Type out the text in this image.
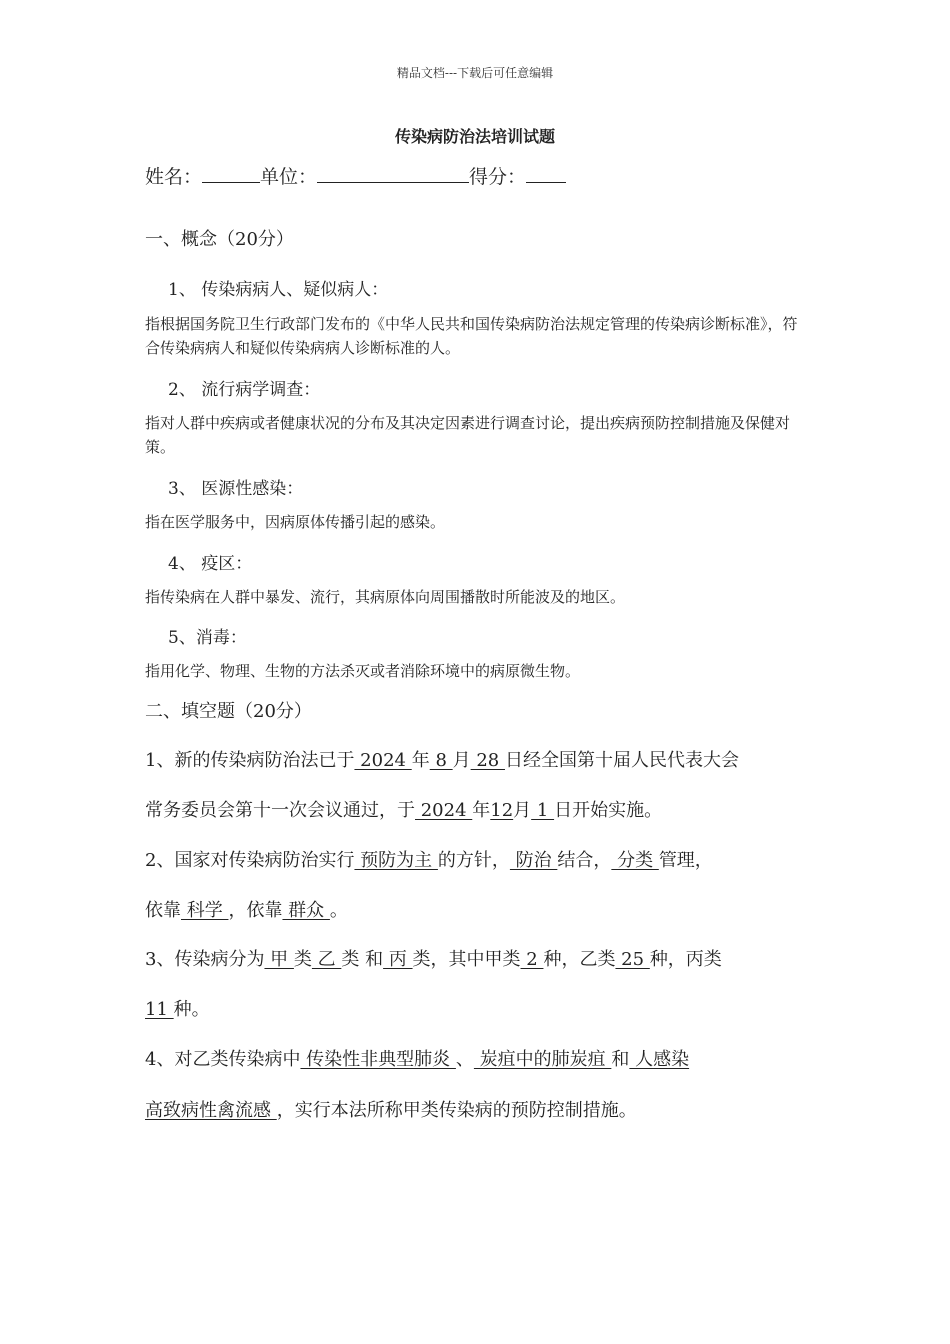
精品文档---下载后可任意编辑
传染病防治法培训试题
姓名：	单位：	得分：
一、概念（20分）
1、 传染病病人、疑似病人：
指根据国务院卫生行政部门发布的《中华人民共和国传染病防治法规定管理的传染病诊断标准》，符合传染病病人和疑似传染病病人诊断标准的人。
2、 流行病学调查：
指对人群中疾病或者健康状况的分布及其决定因素进行调查讨论，提出疾病预防控制措施及保健对策。
3、 医源性感染：
指在医学服务中，因病原体传播引起的感染。
4、 疫区：
指传染病在人群中暴发、流行，其病原体向周围播散时所能波及的地区。
5、消毒：
指用化学、物理、生物的方法杀灭或者消除环境中的病原微生物。
二、填空题（20分）
1、新的传染病防治法已于 2024 年 8 月 28 日经全国第十届人民代表大会
常务委员会第十一次会议通过，于 2024 年12月 1 日开始实施。
2、国家对传染病防治实行 预防为主 的方针， 防治 结合， 分类 管理，
依靠 科学 ，依靠 群众 。
3、传染病分为 甲 类 乙 类 和 丙 类，其中甲类 2 种，乙类 25 种，丙类
11 种。
4、对乙类传染病中 传染性非典型肺炎 、 炭疽中的肺炭疽 和 人感染
高致病性禽流感 ，实行本法所称甲类传染病的预防控制措施。
